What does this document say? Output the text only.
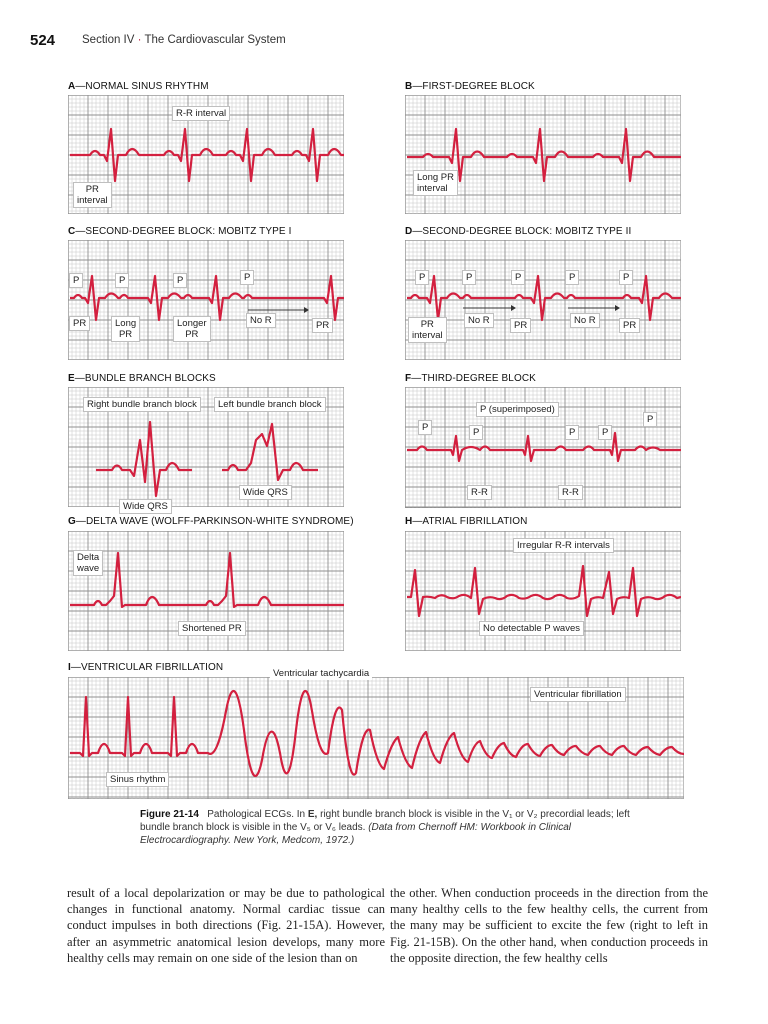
524 Section IV · The Cardiovascular System
A—NORMAL SINUS RHYTHM	B—FIRST-DEGREE BLOCK
C—SECOND-DEGREE BLOCK: MOBITZ TYPE I	D—SECOND-DEGREE BLOCK: MOBITZ TYPE II
E—BUNDLE BRANCH BLOCKS	F—THIRD-DEGREE BLOCK
G—DELTA WAVE (WOLFF-PARKINSON-WHITE SYNDROME)	H—ATRIAL FIBRILLATION
I—VENTRICULAR FIBRILLATION
R-R interval
PR
interval
Long PR
interval
P	P	P	P
PR	Long
PR
Longer
PR
No R	PR
P	P	P	P	P
PR
interval
No R	PR	No R	PR
Right bundle branch block	Left bundle branch block
Wide QRS
Wide QRS
P (superimposed)
P	P	P	P
P
R-R	R-R
Delta
wave
Shortened PR
Irregular R-R intervals
No detectable P waves
Ventricular tachycardia
Ventricular fibrillation
Sinus rhythm
Figure 21-14 Pathological ECGs. In E, right bundle branch block is visible in the V₁ or V₂ precordial leads; left bundle branch block is visible in the V₅ or V₆ leads. (Data from Chernoff HM: Workbook in Clinical Electrocardiography. New York, Medcom, 1972.)
result of a local depolarization or may be due to pathological changes in functional anatomy. Normal cardiac tissue can conduct impulses in both directions (Fig. 21-15A). However, after an asymmetric anatomical lesion develops, many more healthy cells may remain on one side of the lesion than on
the other. When conduction proceeds in the direction from the many healthy cells to the few healthy cells, the current from the many may be sufficient to excite the few (right to left in Fig. 21-15B). On the other hand, when conduction proceeds in the opposite direction, the few healthy cells
